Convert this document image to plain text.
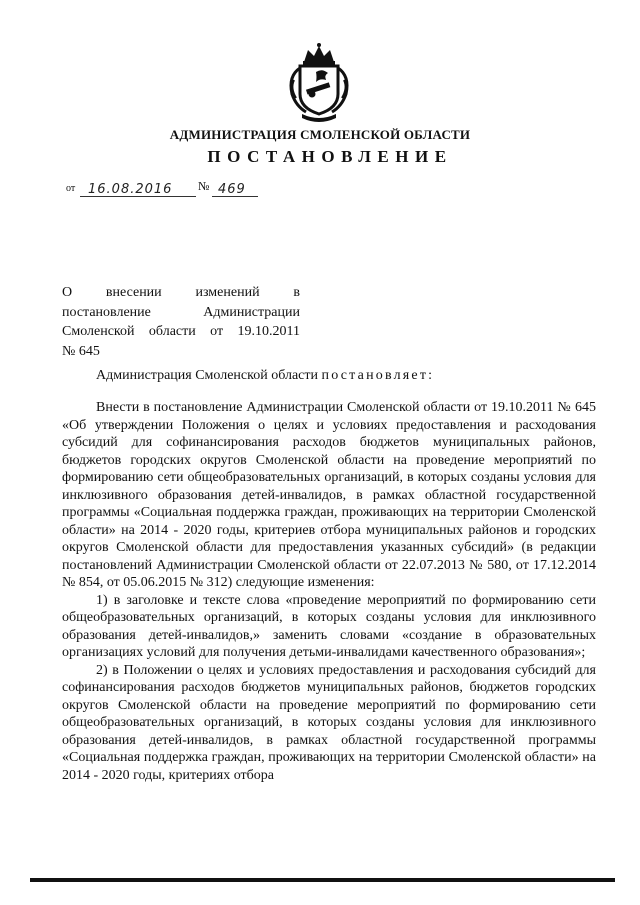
АДМИНИСТРАЦИЯ СМОЛЕНСКОЙ ОБЛАСТИ
ПОСТАНОВЛЕНИЕ
от 16.08.2016 № 469
О внесении изменений в
постановление Администрации
Смоленской области от 19.10.2011
№ 645
Администрация Смоленской области постановляет:

Внести в постановление Администрации Смоленской области от 19.10.2011 № 645 «Об утверждении Положения о целях и условиях предоставления и расходования субсидий для софинансирования расходов бюджетов муниципальных районов, бюджетов городских округов Смоленской области на проведение мероприятий по формированию сети общеобразовательных организаций, в которых созданы условия для инклюзивного образования детей-инвалидов, в рамках областной государственной программы «Социальная поддержка граждан, проживающих на территории Смоленской области» на 2014 - 2020 годы, критериев отбора муниципальных районов и городских округов Смоленской области для предоставления указанных субсидий» (в редакции постановлений Администрации Смоленской области от 22.07.2013 № 580, от 17.12.2014 № 854, от 05.06.2015 № 312) следующие изменения:

1) в заголовке и тексте слова «проведение мероприятий по формированию сети общеобразовательных организаций, в которых созданы условия для инклюзивного образования детей-инвалидов,» заменить словами «создание в образовательных организациях условий для получения детьми-инвалидами качественного образования»;

2) в Положении о целях и условиях предоставления и расходования субсидий для софинансирования расходов бюджетов муниципальных районов, бюджетов городских округов Смоленской области на проведение мероприятий по формированию сети общеобразовательных организаций, в которых созданы условия для инклюзивного образования детей-инвалидов, в рамках областной государственной программы «Социальная поддержка граждан, проживающих на территории Смоленской области» на 2014 - 2020 годы, критериях отбора
